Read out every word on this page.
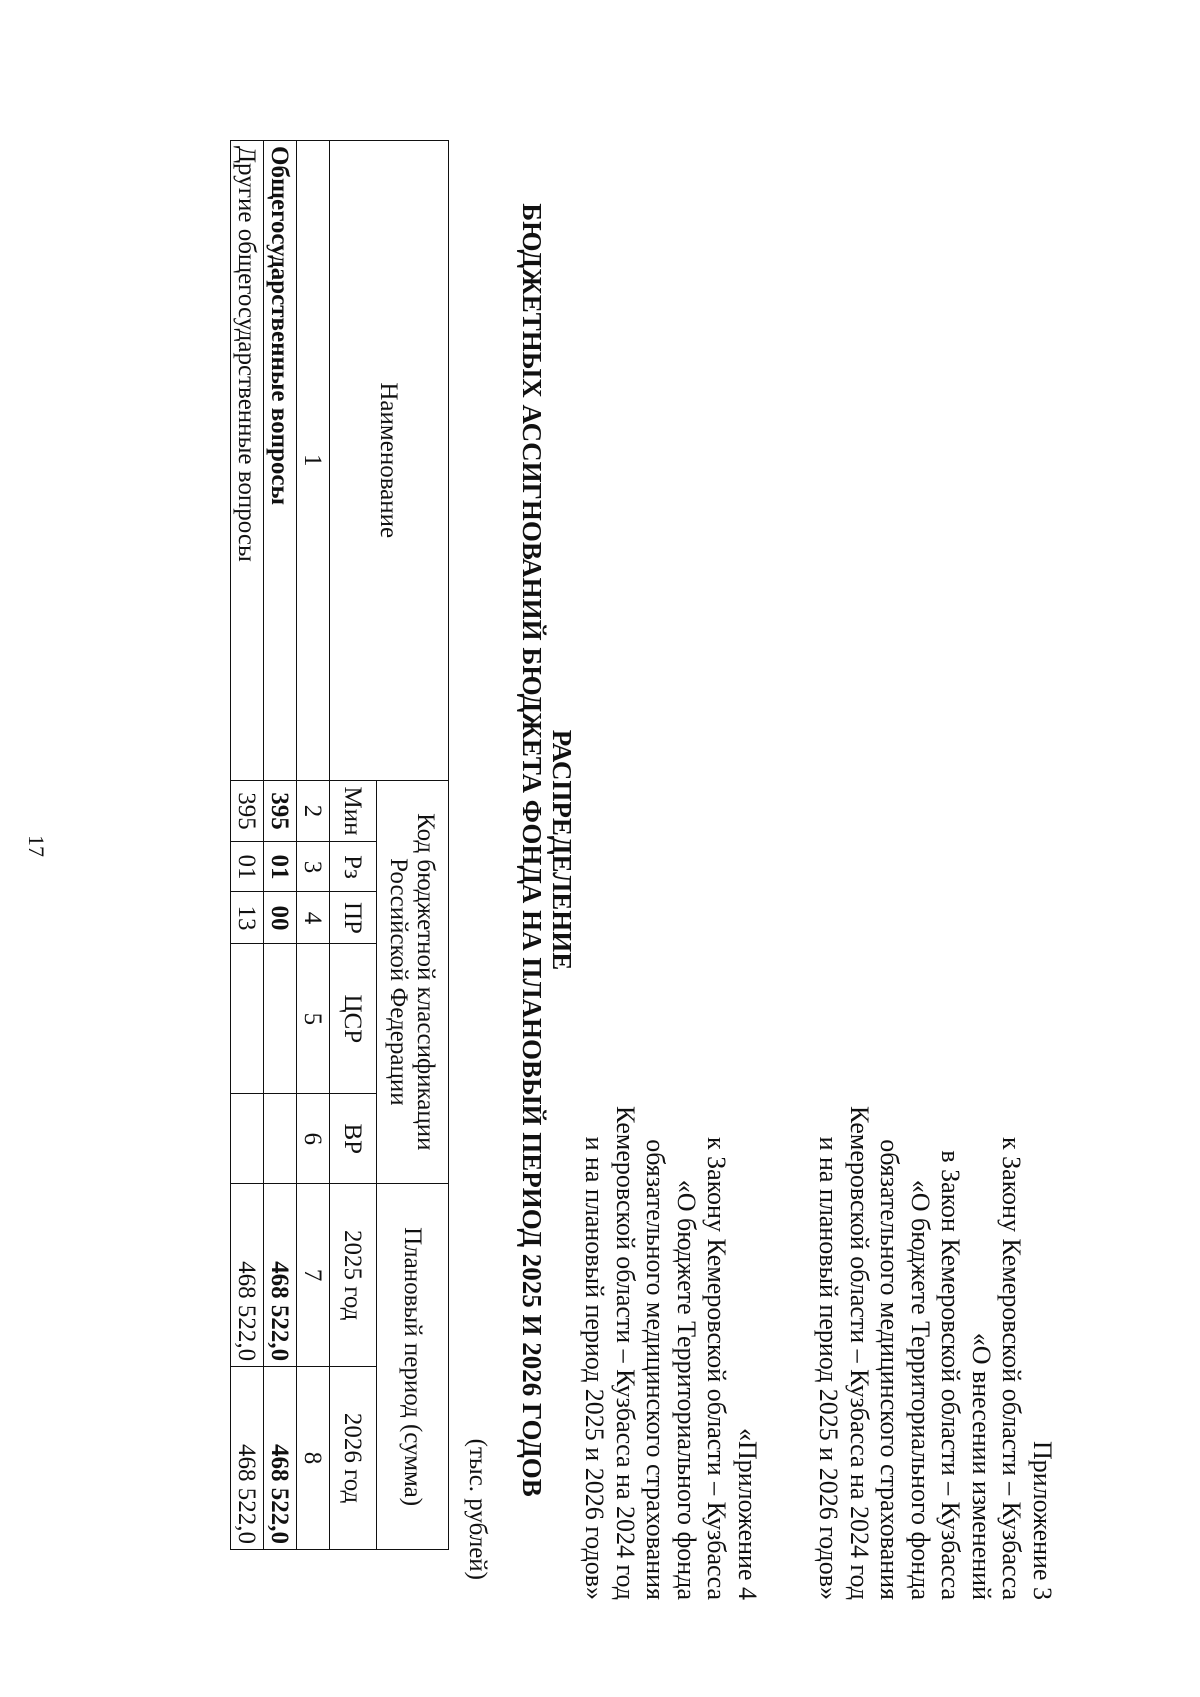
17
Приложение 3
к Закону Кемеровской области – Кузбасса
«О внесении изменений
в Закон Кемеровской области – Кузбасса
«О бюджете Территориального фонда
обязательного медицинского страхования
Кемеровской области – Кузбасса на 2024 год
и на плановый период 2025 и 2026 годов»
«Приложение 4
к Закону Кемеровской области – Кузбасса
«О бюджете Территориального фонда
обязательного медицинского страхования
Кемеровской области – Кузбасса на 2024 год
и на плановый период 2025 и 2026 годов»
РАСПРЕДЕЛЕНИЕ
БЮДЖЕТНЫХ АССИГНОВАНИЙ БЮДЖЕТА ФОНДА НА ПЛАНОВЫЙ ПЕРИОД 2025 И 2026 ГОДОВ
(тыс. рублей)
Наименование	Код бюджетной классификации Российской Федерации					Плановый период (сумма)	
	Мин	Рз	ПР	ЦСР	ВР	2025 год	2026 год
1	2	3	4	5	6	7	8
Общегосударственные вопросы	395	01	00			468 522,0	468 522,0
Другие общегосударственные вопросы	395	01	13			468 522,0	468 522,0
